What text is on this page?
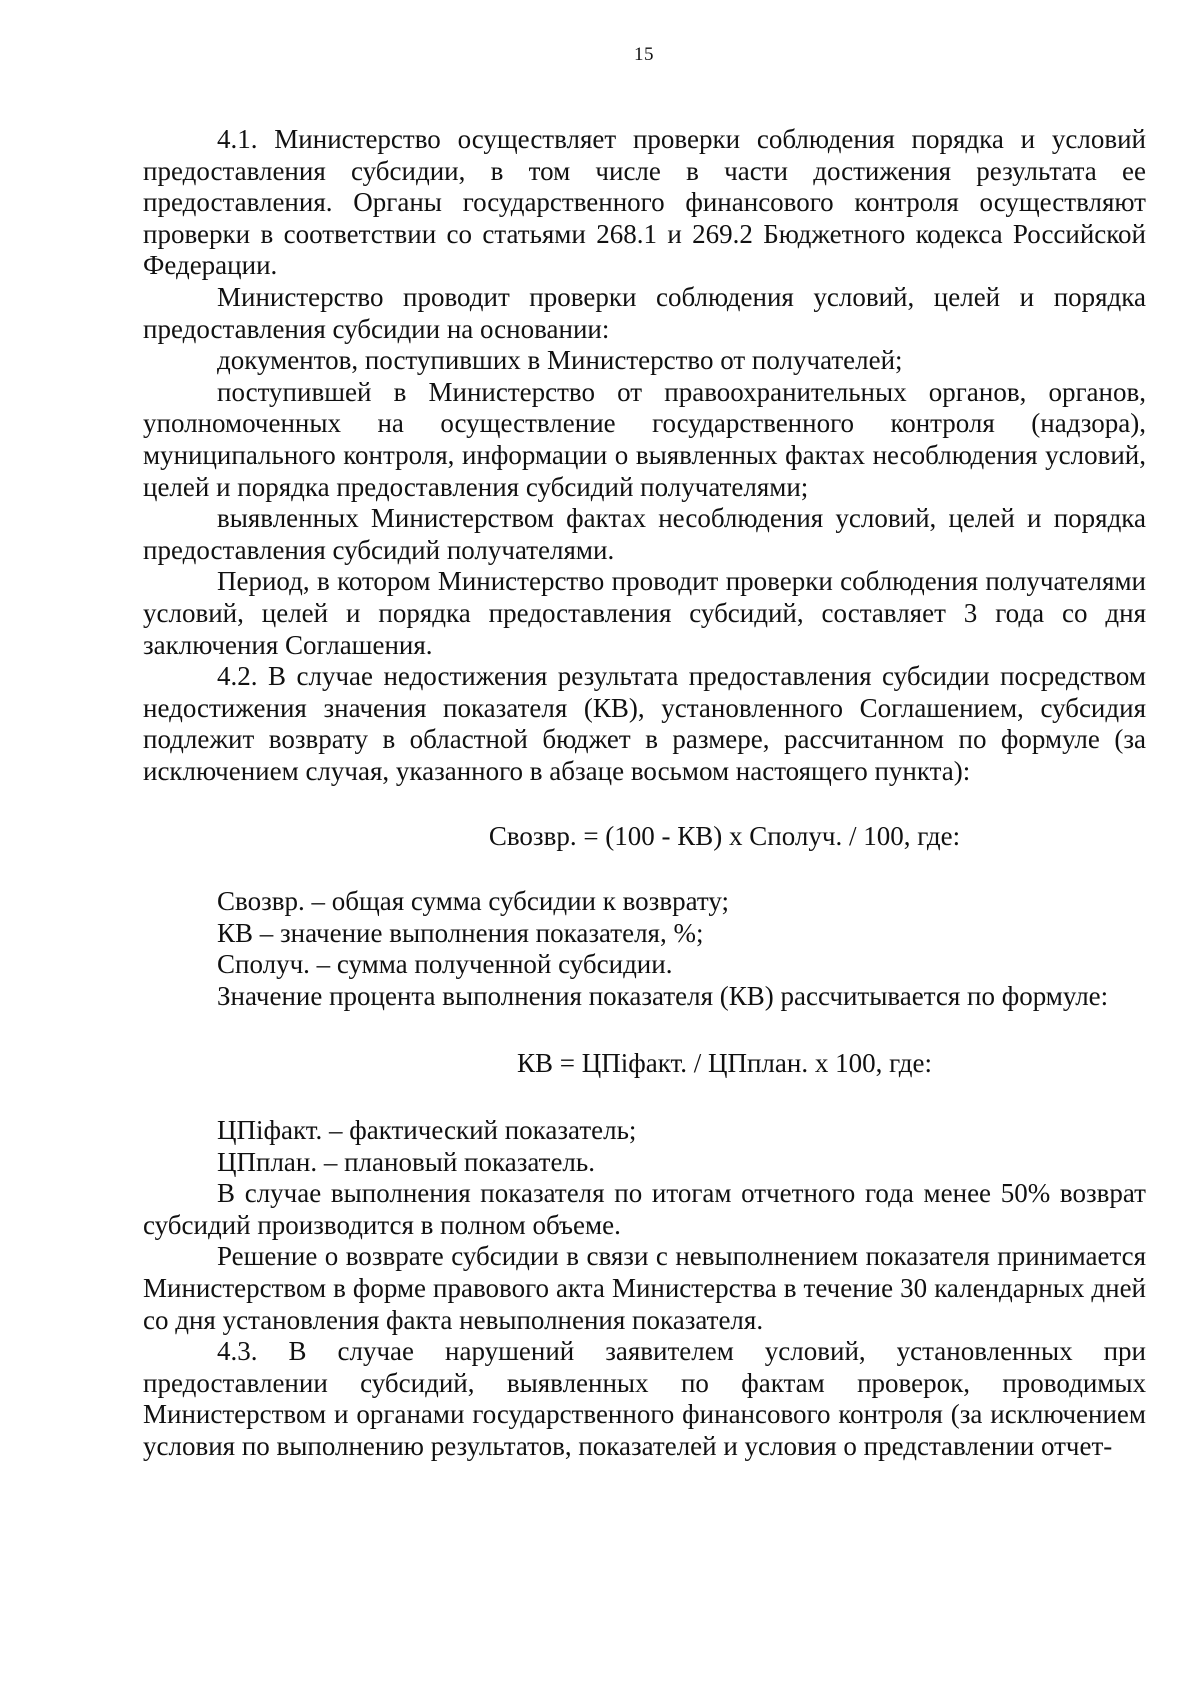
15

4.1. Министерство осуществляет проверки соблюдения порядка и условий предоставления субсидии, в том числе в части достижения результата ее предоставления. Органы государственного финансового контроля осуществляют проверки в соответствии со статьями 268.1 и 269.2 Бюджетного кодекса Российской Федерации.

Министерство проводит проверки соблюдения условий, целей и порядка предоставления субсидии на основании:

документов, поступивших в Министерство от получателей;

поступившей в Министерство от правоохранительных органов, органов, уполномоченных на осуществление государственного контроля (надзора), муниципального контроля, информации о выявленных фактах несоблюдения условий, целей и порядка предоставления субсидий получателями;

выявленных Министерством фактах несоблюдения условий, целей и порядка предоставления субсидий получателями.

Период, в котором Министерство проводит проверки соблюдения получателями условий, целей и порядка предоставления субсидий, составляет 3 года со дня заключения Соглашения.

4.2. В случае недостижения результата предоставления субсидии посредством недостижения значения показателя (КВ), установленного Соглашением, субсидия подлежит возврату в областной бюджет в размере, рассчитанном по формуле (за исключением случая, указанного в абзаце восьмом настоящего пункта):

Свозвр. = (100 - КВ) х Сполуч. / 100, где:

Свозвр. – общая сумма субсидии к возврату;

КВ – значение выполнения показателя, %;

Сполуч. – сумма полученной субсидии.

Значение процента выполнения показателя (КВ) рассчитывается по формуле:

КВ = ЦПiфакт. / ЦПплан. х 100, где:

ЦПiфакт. – фактический показатель;

ЦПплан. – плановый показатель.

В случае выполнения показателя по итогам отчетного года менее 50% возврат субсидий производится в полном объеме.

Решение о возврате субсидии в связи с невыполнением показателя принимается Министерством в форме правового акта Министерства в течение 30 календарных дней со дня установления факта невыполнения показателя.

4.3. В случае нарушений заявителем условий, установленных при предоставлении субсидий, выявленных по фактам проверок, проводимых Министерством и органами государственного финансового контроля (за исключением условия по выполнению результатов, показателей и условия о представлении отчет-
